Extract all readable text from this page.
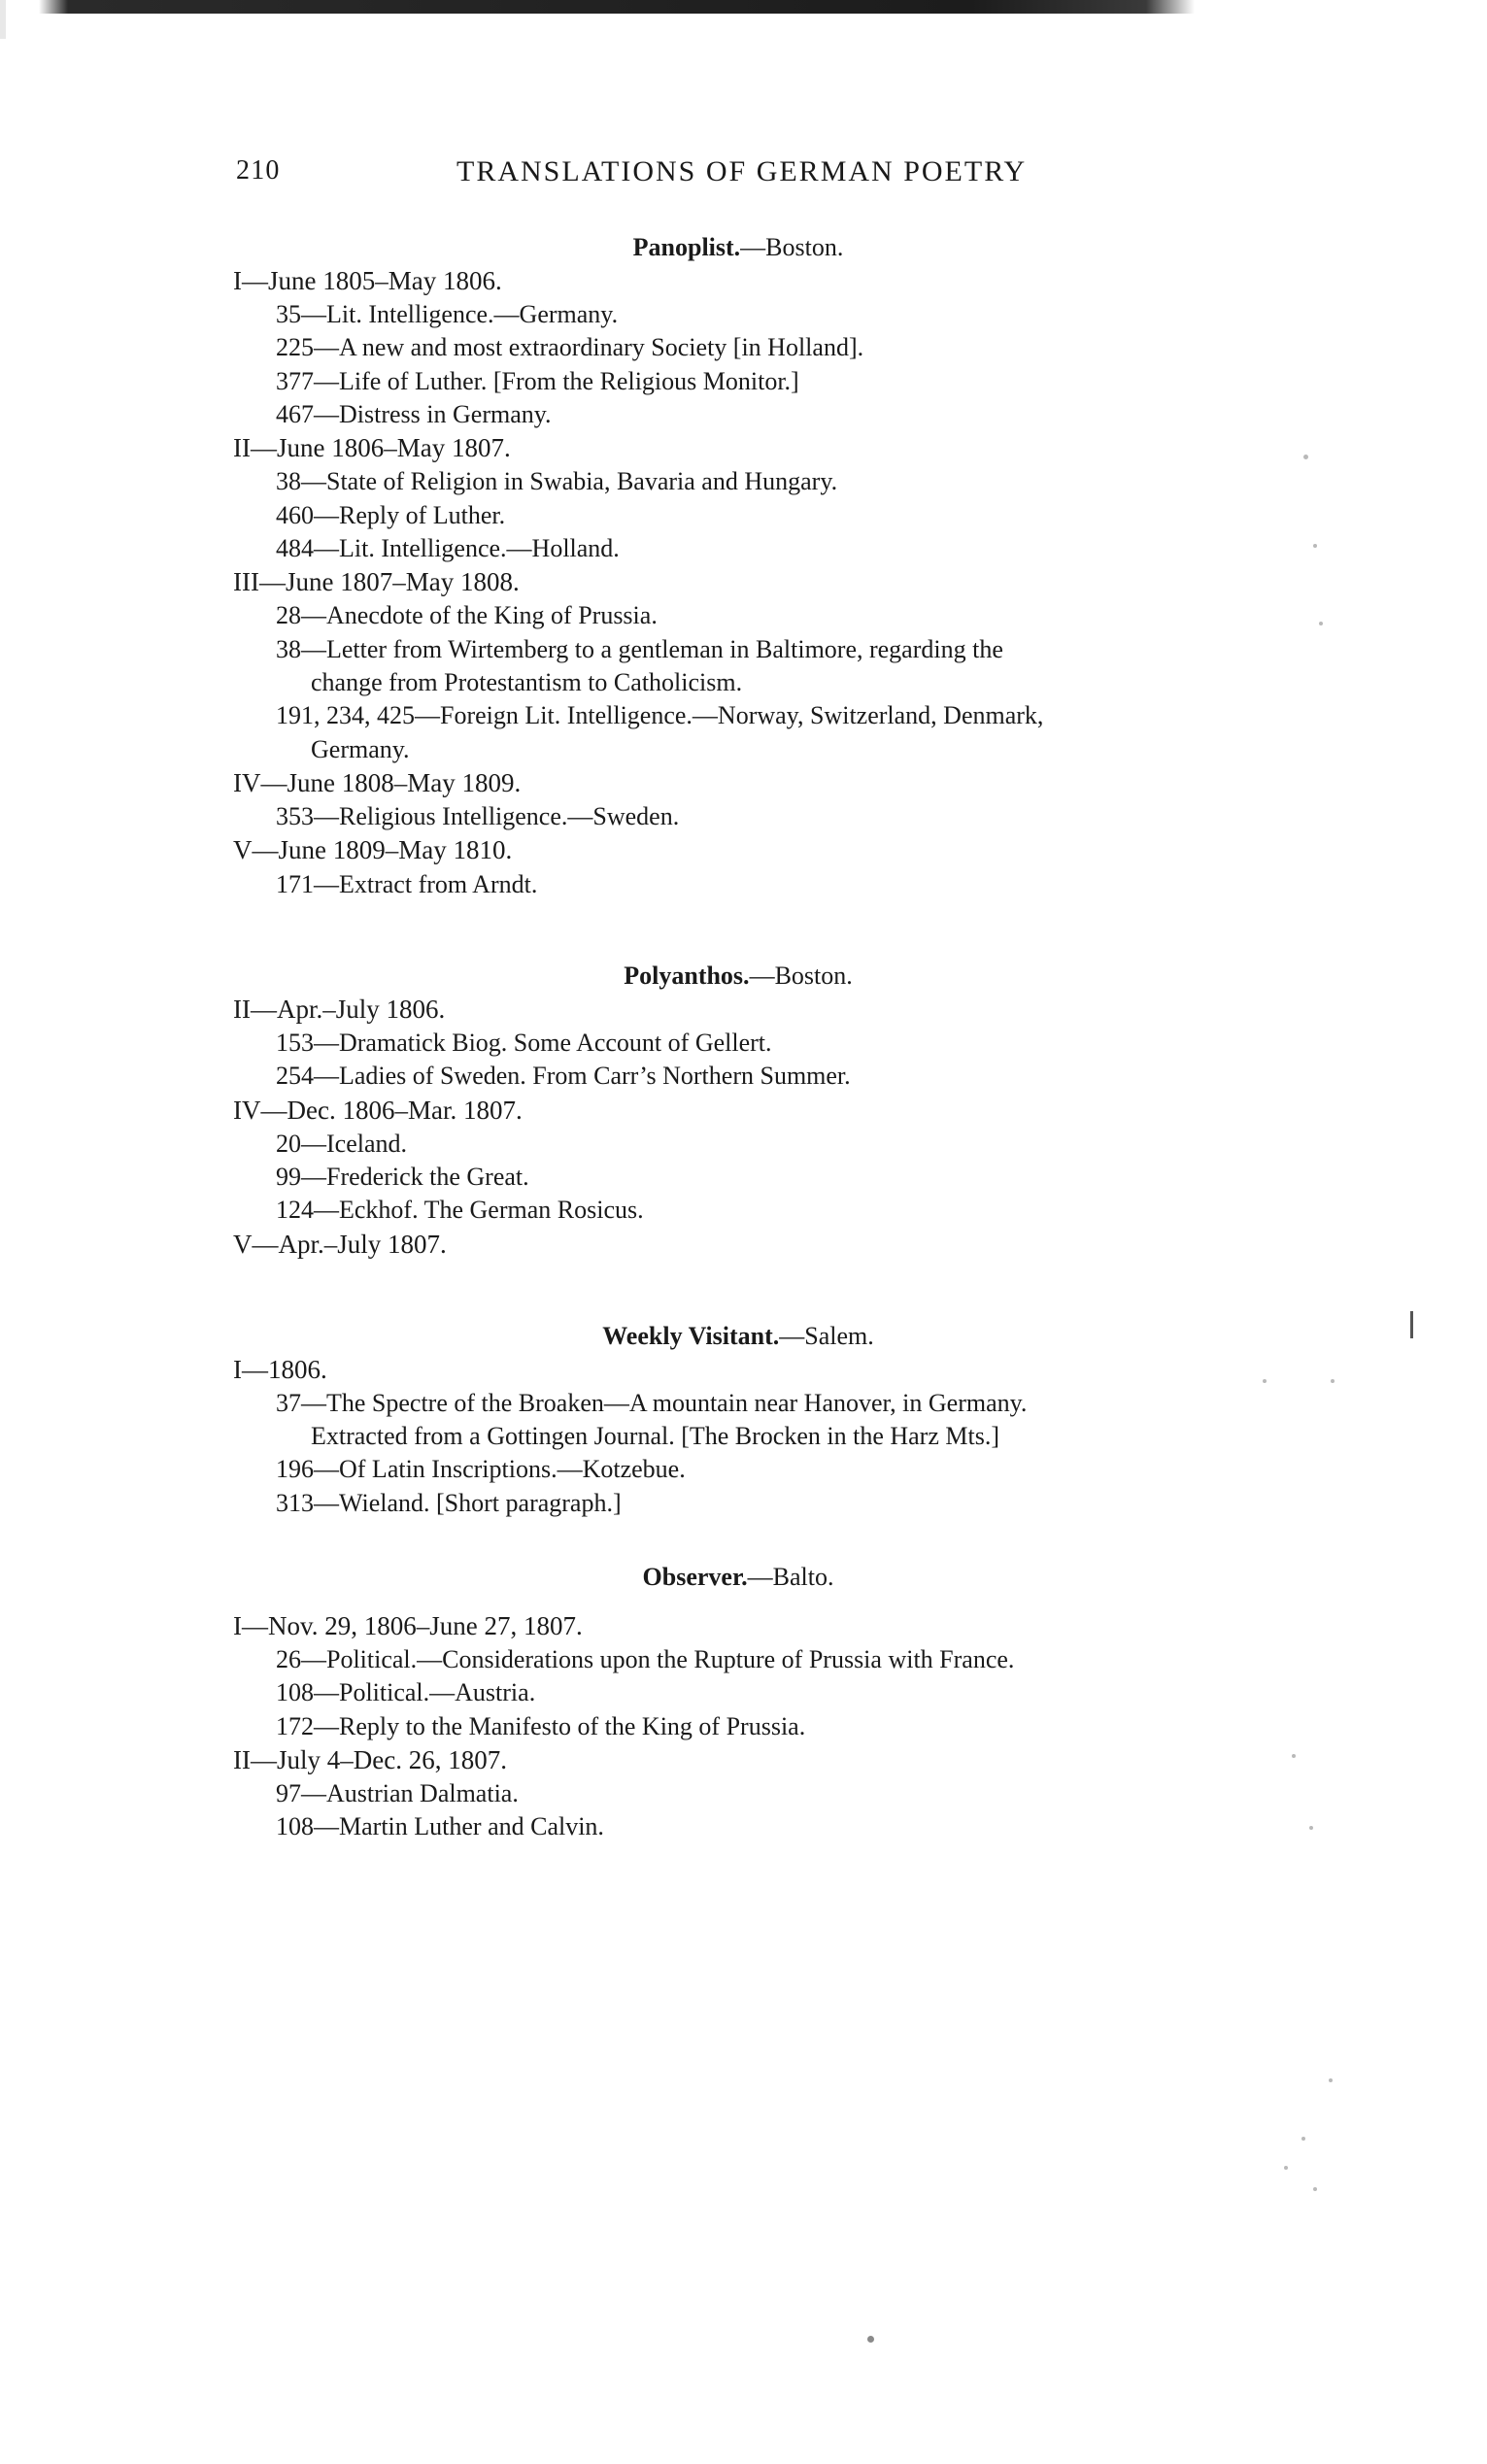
210	TRANSLATIONS OF GERMAN POETRY
Panoplist.—Boston.
I—June 1805–May 1806.
35—Lit. Intelligence.—Germany.
225—A new and most extraordinary Society [in Holland].
377—Life of Luther. [From the Religious Monitor.]
467—Distress in Germany.
II—June 1806–May 1807.
38—State of Religion in Swabia, Bavaria and Hungary.
460—Reply of Luther.
484—Lit. Intelligence.—Holland.
III—June 1807–May 1808.
28—Anecdote of the King of Prussia.
38—Letter from Wirtemberg to a gentleman in Baltimore, regarding the
change from Protestantism to Catholicism.
191, 234, 425—Foreign Lit. Intelligence.—Norway, Switzerland, Denmark,
Germany.
IV—June 1808–May 1809.
353—Religious Intelligence.—Sweden.
V—June 1809–May 1810.
171—Extract from Arndt.
Polyanthos.—Boston.
II—Apr.–July 1806.
153—Dramatick Biog. Some Account of Gellert.
254—Ladies of Sweden. From Carr’s Northern Summer.
IV—Dec. 1806–Mar. 1807.
20—Iceland.
99—Frederick the Great.
124—Eckhof. The German Rosicus.
V—Apr.–July 1807.
Weekly Visitant.—Salem.
I—1806.
37—The Spectre of the Broaken—A mountain near Hanover, in Germany.
Extracted from a Gottingen Journal. [The Brocken in the Harz Mts.]
196—Of Latin Inscriptions.—Kotzebue.
313—Wieland. [Short paragraph.]
Observer.—Balto.
I—Nov. 29, 1806–June 27, 1807.
26—Political.—Considerations upon the Rupture of Prussia with France.
108—Political.—Austria.
172—Reply to the Manifesto of the King of Prussia.
II—July 4–Dec. 26, 1807.
97—Austrian Dalmatia.
108—Martin Luther and Calvin.
